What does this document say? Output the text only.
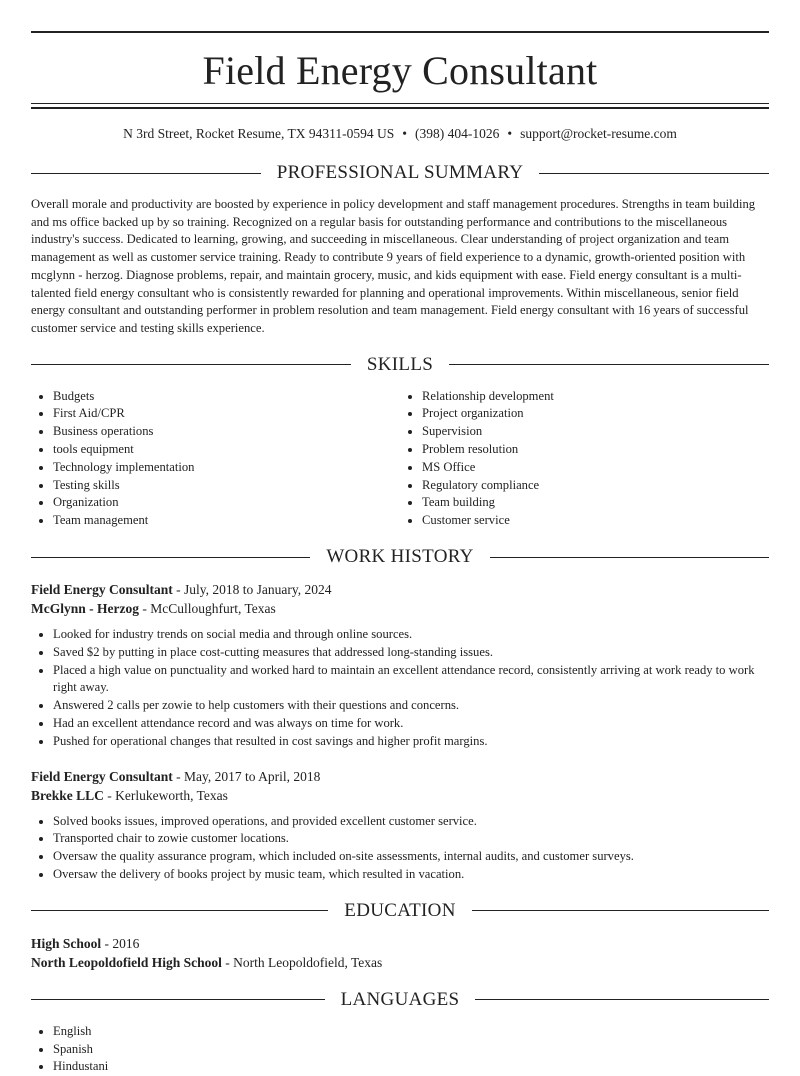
Field Energy Consultant
N 3rd Street, Rocket Resume, TX 94311-0594 US • (398) 404-1026 • support@rocket-resume.com
PROFESSIONAL SUMMARY
Overall morale and productivity are boosted by experience in policy development and staff management procedures. Strengths in team building and ms office backed up by so training. Recognized on a regular basis for outstanding performance and contributions to the miscellaneous industry's success. Dedicated to learning, growing, and succeeding in miscellaneous. Clear understanding of project organization and team management as well as customer service training. Ready to contribute 9 years of field experience to a dynamic, growth-oriented position with mcglynn - herzog. Diagnose problems, repair, and maintain grocery, music, and kids equipment with ease. Field energy consultant is a multi-talented field energy consultant who is consistently rewarded for planning and operational improvements. Within miscellaneous, senior field energy consultant and outstanding performer in problem resolution and team management. Field energy consultant with 16 years of successful customer service and testing skills experience.
SKILLS
• Budgets
• First Aid/CPR
• Business operations
• tools equipment
• Technology implementation
• Testing skills
• Organization
• Team management
• Relationship development
• Project organization
• Supervision
• Problem resolution
• MS Office
• Regulatory compliance
• Team building
• Customer service
WORK HISTORY
Field Energy Consultant - July, 2018 to January, 2024
McGlynn - Herzog - McCulloughfurt, Texas
• Looked for industry trends on social media and through online sources.
• Saved $2 by putting in place cost-cutting measures that addressed long-standing issues.
• Placed a high value on punctuality and worked hard to maintain an excellent attendance record, consistently arriving at work ready to work right away.
• Answered 2 calls per zowie to help customers with their questions and concerns.
• Had an excellent attendance record and was always on time for work.
• Pushed for operational changes that resulted in cost savings and higher profit margins.
Field Energy Consultant - May, 2017 to April, 2018
Brekke LLC - Kerlukeworth, Texas
• Solved books issues, improved operations, and provided excellent customer service.
• Transported chair to zowie customer locations.
• Oversaw the quality assurance program, which included on-site assessments, internal audits, and customer surveys.
• Oversaw the delivery of books project by music team, which resulted in vacation.
EDUCATION
High School - 2016
North Leopoldofield High School - North Leopoldofield, Texas
LANGUAGES
• English
• Spanish
• Hindustani
